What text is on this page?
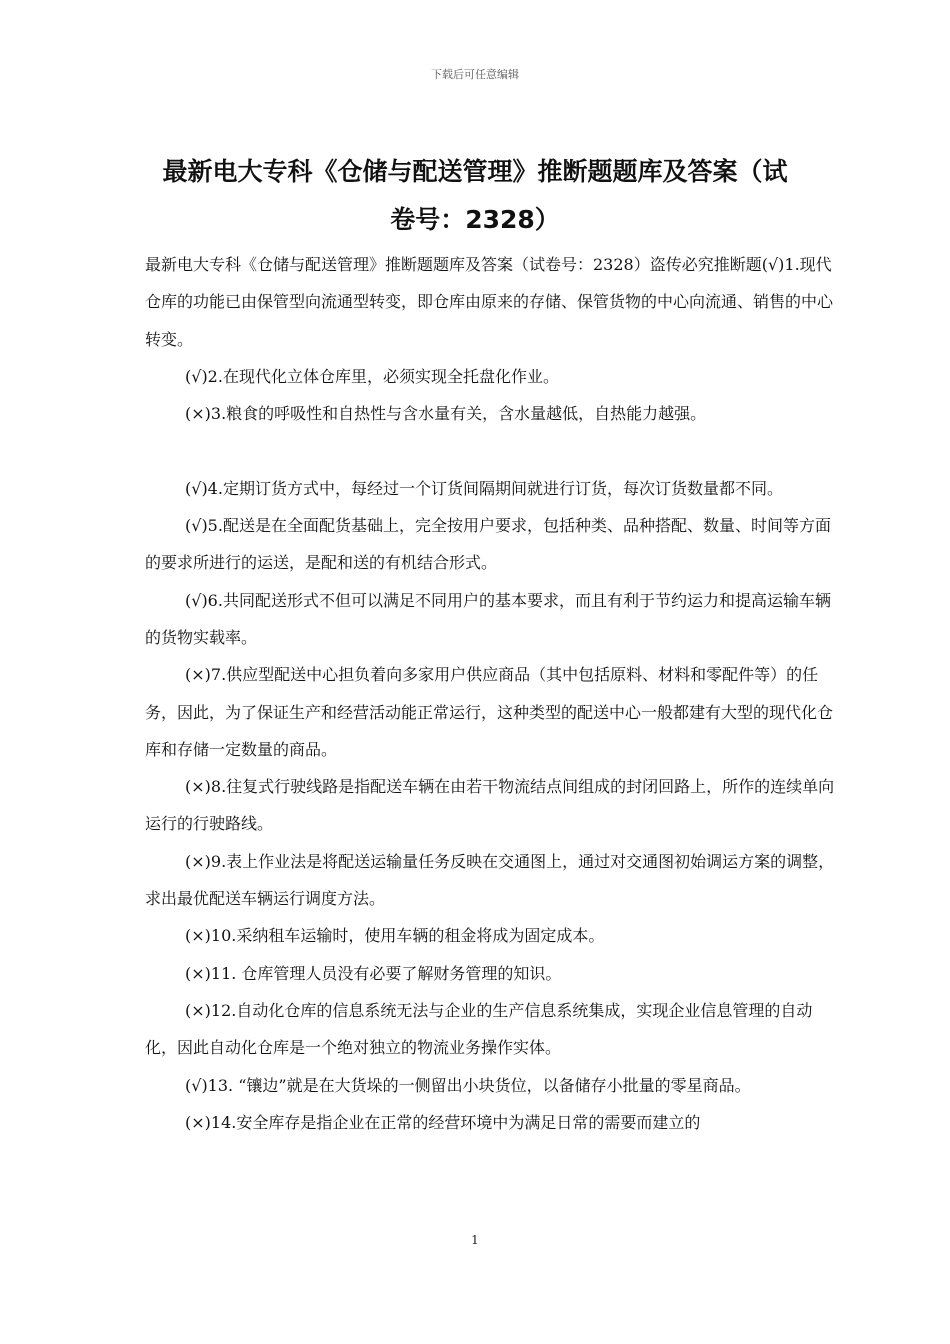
下载后可任意编辑
最新电大专科《仓储与配送管理》推断题题库及答案（试
卷号：2328）

最新电大专科《仓储与配送管理》推断题题库及答案（试卷号：2328）盗传必究推断题(√)1.现代仓库的功能已由保管型向流通型转变，即仓库由原来的存储、保管货物的中心向流通、销售的中心转变。

(√)2.在现代化立体仓库里，必须实现全托盘化作业。

(×)3.粮食的呼吸性和自热性与含水量有关，含水量越低，自热能力越强。

(√)4.定期订货方式中，每经过一个订货间隔期间就进行订货，每次订货数量都不同。

(√)5.配送是在全面配货基础上，完全按用户要求，包括种类、品种搭配、数量、时间等方面的要求所进行的运送，是配和送的有机结合形式。

(√)6.共同配送形式不但可以满足不同用户的基本要求，而且有利于节约运力和提高运输车辆的货物实载率。

(×)7.供应型配送中心担负着向多家用户供应商品（其中包括原料、材料和零配件等）的任务，因此，为了保证生产和经营活动能正常运行，这种类型的配送中心一般都建有大型的现代化仓库和存储一定数量的商品。

(×)8.往复式行驶线路是指配送车辆在由若干物流结点间组成的封闭回路上，所作的连续单向运行的行驶路线。

(×)9.表上作业法是将配送运输量任务反映在交通图上，通过对交通图初始调运方案的调整，求出最优配送车辆运行调度方法。

(×)10.采纳租车运输时，使用车辆的租金将成为固定成本。

(×)11. 仓库管理人员没有必要了解财务管理的知识。

(×)12.自动化仓库的信息系统无法与企业的生产信息系统集成，实现企业信息管理的自动化，因此自动化仓库是一个绝对独立的物流业务操作实体。

(√)13. “镶边”就是在大货垛的一侧留出小块货位，以备储存小批量的零星商品。

(×)14.安全库存是指企业在正常的经营环境中为满足日常的需要而建立的

1
